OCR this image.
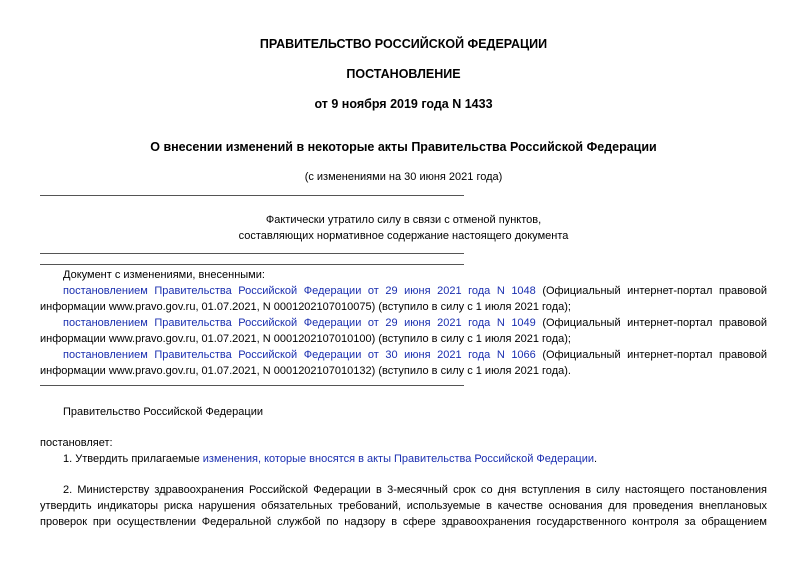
ПРАВИТЕЛЬСТВО РОССИЙСКОЙ ФЕДЕРАЦИИ
ПОСТАНОВЛЕНИЕ
от 9 ноября 2019 года N 1433
О внесении изменений в некоторые акты Правительства Российской Федерации
(с изменениями на 30 июня 2021 года)
Фактически утратило силу в связи с отменой пунктов,
составляющих нормативное содержание настоящего документа
Документ с изменениями, внесенными:
постановлением Правительства Российской Федерации от 29 июня 2021 года N 1048 (Официальный интернет-портал правовой
информации www.pravo.gov.ru, 01.07.2021, N 0001202107010075) (вступило в силу с 1 июля 2021 года);
постановлением Правительства Российской Федерации от 29 июня 2021 года N 1049 (Официальный интернет-портал правовой
информации www.pravo.gov.ru, 01.07.2021, N 0001202107010100) (вступило в силу с 1 июля 2021 года);
постановлением Правительства Российской Федерации от 30 июня 2021 года N 1066 (Официальный интернет-портал правовой
информации www.pravo.gov.ru, 01.07.2021, N 0001202107010132) (вступило в силу с 1 июля 2021 года).
Правительство Российской Федерации
постановляет:
1. Утвердить прилагаемые изменения, которые вносятся в акты Правительства Российской Федерации.
2. Министерству здравоохранения Российской Федерации в 3-месячный срок со дня вступления в силу настоящего постановления
утвердить индикаторы риска нарушения обязательных требований, используемые в качестве основания для проведения внеплановых
проверок при осуществлении Федеральной службой по надзору в сфере здравоохранения государственного контроля за обращением
